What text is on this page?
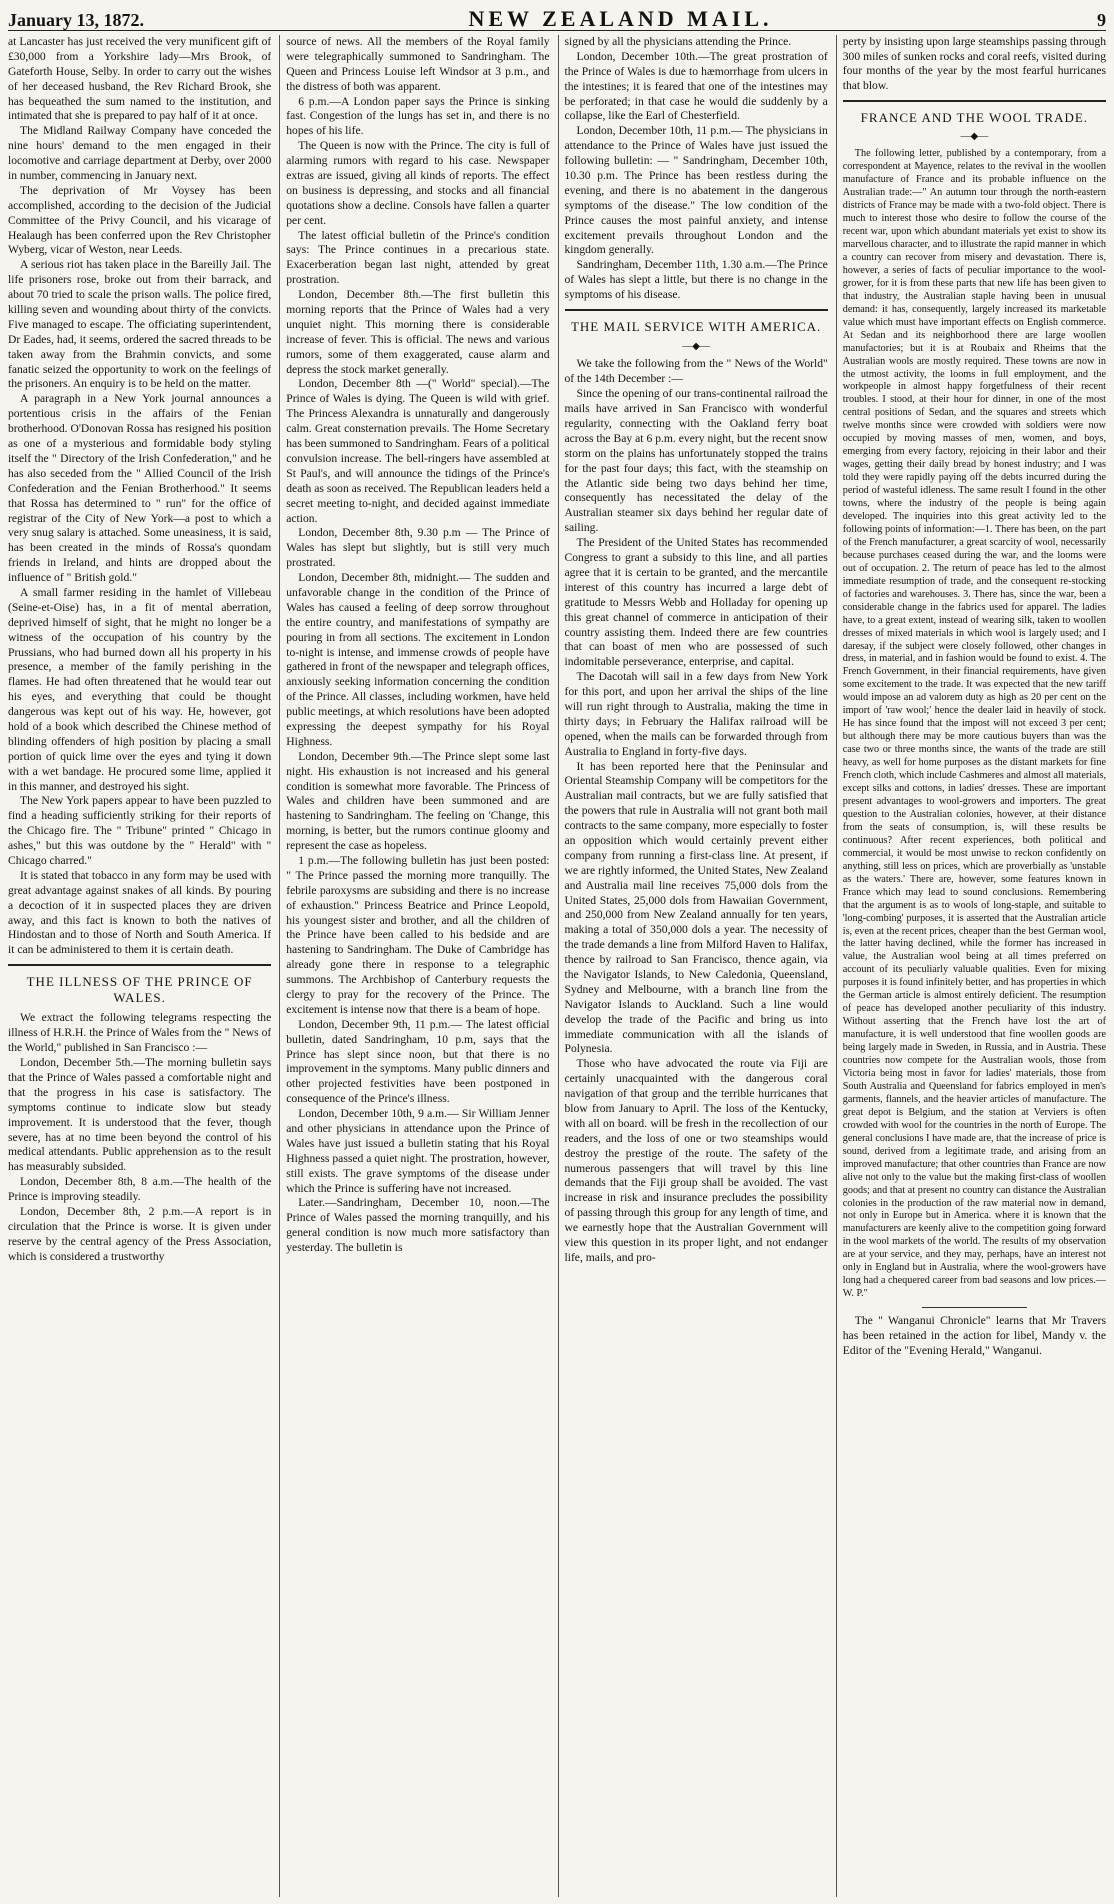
January 13, 1872.	NEW ZEALAND MAIL.	9

at Lancaster has just received the very munificent gift of £30,000 from a Yorkshire lady—Mrs Brook, of Gateforth House, Selby. In order to carry out the wishes of her deceased husband, the Rev Richard Brook, she has bequeathed the sum named to the institution, and intimated that she is prepared to pay half of it at once.

The Midland Railway Company have conceded the nine hours' demand to the men engaged in their locomotive and carriage department at Derby, over 2000 in number, commencing in January next.

The deprivation of Mr Voysey has been accomplished, according to the decision of the Judicial Committee of the Privy Council, and his vicarage of Healaugh has been conferred upon the Rev Christopher Wyberg, vicar of Weston, near Leeds.

A serious riot has taken place in the Bareilly Jail. The life prisoners rose, broke out from their barrack, and about 70 tried to scale the prison walls. The police fired, killing seven and wounding about thirty of the convicts. Five managed to escape. The officiating superintendent, Dr Eades, had, it seems, ordered the sacred threads to be taken away from the Brahmin convicts, and some fanatic seized the opportunity to work on the feelings of the prisoners. An enquiry is to be held on the matter.

A paragraph in a New York journal announces a portentious crisis in the affairs of the Fenian brotherhood. O'Donovan Rossa has resigned his position as one of a mysterious and formidable body styling itself the " Directory of the Irish Confederation," and he has also seceded from the " Allied Council of the Irish Confederation and the Fenian Brotherhood." It seems that Rossa has determined to " run" for the office of registrar of the City of New York—a post to which a very snug salary is attached. Some uneasiness, it is said, has been created in the minds of Rossa's quondam friends in Ireland, and hints are dropped about the influence of " British gold."

A small farmer residing in the hamlet of Villebeau (Seine-et-Oise) has, in a fit of mental aberration, deprived himself of sight, that he might no longer be a witness of the occupation of his country by the Prussians, who had burned down all his property in his presence, a member of the family perishing in the flames. He had often threatened that he would tear out his eyes, and everything that could be thought dangerous was kept out of his way. He, however, got hold of a book which described the Chinese method of blinding offenders of high position by placing a small portion of quick lime over the eyes and tying it down with a wet bandage. He procured some lime, applied it in this manner, and destroyed his sight.

The New York papers appear to have been puzzled to find a heading sufficiently striking for their reports of the Chicago fire. The " Tribune" printed " Chicago in ashes," but this was outdone by the " Herald" with " Chicago charred."

It is stated that tobacco in any form may be used with great advantage against snakes of all kinds. By pouring a decoction of it in suspected places they are driven away, and this fact is known to both the natives of Hindostan and to those of North and South America. If it can be administered to them it is certain death.

THE ILLNESS OF THE PRINCE OF WALES.

We extract the following telegrams respecting the illness of H.R.H. the Prince of Wales from the " News of the World," published in San Francisco :—

London, December 5th.—The morning bulletin says that the Prince of Wales passed a comfortable night and that the progress in his case is satisfactory. The symptoms continue to indicate slow but steady improvement. It is understood that the fever, though severe, has at no time been beyond the control of his medical attendants. Public apprehension as to the result has measurably subsided.

London, December 8th, 8 a.m.—The health of the Prince is improving steadily.

London, December 8th, 2 p.m.—A report is in circulation that the Prince is worse. It is given under reserve by the central agency of the Press Association, which is considered a trustworthy

source of news. All the members of the Royal family were telegraphically summoned to Sandringham. The Queen and Princess Louise left Windsor at 3 p.m., and the distress of both was apparent.

6 p.m.—A London paper says the Prince is sinking fast. Congestion of the lungs has set in, and there is no hopes of his life.

The Queen is now with the Prince. The city is full of alarming rumors with regard to his case. Newspaper extras are issued, giving all kinds of reports. The effect on business is depressing, and stocks and all financial quotations show a decline. Consols have fallen a quarter per cent.

The latest official bulletin of the Prince's condition says: The Prince continues in a precarious state. Exacerberation began last night, attended by great prostration.

London, December 8th.—The first bulletin this morning reports that the Prince of Wales had a very unquiet night. This morning there is considerable increase of fever. This is official. The news and various rumors, some of them exaggerated, cause alarm and depress the stock market generally.

London, December 8th —(" World" special).—The Prince of Wales is dying. The Queen is wild with grief. The Princess Alexandra is unnaturally and dangerously calm. Great consternation prevails. The Home Secretary has been summoned to Sandringham. Fears of a political convulsion increase. The bell-ringers have assembled at St Paul's, and will announce the tidings of the Prince's death as soon as received. The Republican leaders held a secret meeting to-night, and decided against immediate action.

London, December 8th, 9.30 p.m — The Prince of Wales has slept but slightly, but is still very much prostrated.

London, December 8th, midnight.— The sudden and unfavorable change in the condition of the Prince of Wales has caused a feeling of deep sorrow throughout the entire country, and manifestations of sympathy are pouring in from all sections. The excitement in London to-night is intense, and immense crowds of people have gathered in front of the newspaper and telegraph offices, anxiously seeking information concerning the condition of the Prince. All classes, including workmen, have held public meetings, at which resolutions have been adopted expressing the deepest sympathy for his Royal Highness.

London, December 9th.—The Prince slept some last night. His exhaustion is not increased and his general condition is somewhat more favorable. The Princess of Wales and children have been summoned and are hastening to Sandringham. The feeling on 'Change, this morning, is better, but the rumors continue gloomy and represent the case as hopeless.

1 p.m.—The following bulletin has just been posted: " The Prince passed the morning more tranquilly. The febrile paroxysms are subsiding and there is no increase of exhaustion." Princess Beatrice and Prince Leopold, his youngest sister and brother, and all the children of the Prince have been called to his bedside and are hastening to Sandringham. The Duke of Cambridge has already gone there in response to a telegraphic summons. The Archbishop of Canterbury requests the clergy to pray for the recovery of the Prince. The excitement is intense now that there is a beam of hope.

London, December 9th, 11 p.m.— The latest official bulletin, dated Sandringham, 10 p.m, says that the Prince has slept since noon, but that there is no improvement in the symptoms. Many public dinners and other projected festivities have been postponed in consequence of the Prince's illness.

London, December 10th, 9 a.m.— Sir William Jenner and other physicians in attendance upon the Prince of Wales have just issued a bulletin stating that his Royal Highness passed a quiet night. The prostration, however, still exists. The grave symptoms of the disease under which the Prince is suffering have not increased.

Later.—Sandringham, December 10, noon.—The Prince of Wales passed the morning tranquilly, and his general condition is now much more satisfactory than yesterday. The bulletin is

signed by all the physicians attending the Prince.

London, December 10th.—The great prostration of the Prince of Wales is due to hæmorrhage from ulcers in the intestines; it is feared that one of the intestines may be perforated; in that case he would die suddenly by a collapse, like the Earl of Chesterfield.

London, December 10th, 11 p.m.— The physicians in attendance to the Prince of Wales have just issued the following bulletin: — " Sandringham, December 10th, 10.30 p.m. The Prince has been restless during the evening, and there is no abatement in the dangerous symptoms of the disease." The low condition of the Prince causes the most painful anxiety, and intense excitement prevails throughout London and the kingdom generally.

Sandringham, December 11th, 1.30 a.m.—The Prince of Wales has slept a little, but there is no change in the symptoms of his disease.

THE MAIL SERVICE WITH AMERICA.
―◆―

We take the following from the " News of the World" of the 14th December :—

Since the opening of our trans-continental railroad the mails have arrived in San Francisco with wonderful regularity, connecting with the Oakland ferry boat across the Bay at 6 p.m. every night, but the recent snow storm on the plains has unfortunately stopped the trains for the past four days; this fact, with the steamship on the Atlantic side being two days behind her time, consequently has necessitated the delay of the Australian steamer six days behind her regular date of sailing.

The President of the United States has recommended Congress to grant a subsidy to this line, and all parties agree that it is certain to be granted, and the mercantile interest of this country has incurred a large debt of gratitude to Messrs Webb and Holladay for opening up this great channel of commerce in anticipation of their country assisting them. Indeed there are few countries that can boast of men who are possessed of such indomitable perseverance, enterprise, and capital.

The Dacotah will sail in a few days from New York for this port, and upon her arrival the ships of the line will run right through to Australia, making the time in thirty days; in February the Halifax railroad will be opened, when the mails can be forwarded through from Australia to England in forty-five days.

It has been reported here that the Peninsular and Oriental Steamship Company will be competitors for the Australian mail contracts, but we are fully satisfied that the powers that rule in Australia will not grant both mail contracts to the same company, more especially to foster an opposition which would certainly prevent either company from running a first-class line. At present, if we are rightly informed, the United States, New Zealand and Australia mail line receives 75,000 dols from the United States, 25,000 dols from Hawaiian Government, and 250,000 from New Zealand annually for ten years, making a total of 350,000 dols a year. The necessity of the trade demands a line from Milford Haven to Halifax, thence by railroad to San Francisco, thence again, via the Navigator Islands, to New Caledonia, Queensland, Sydney and Melbourne, with a branch line from the Navigator Islands to Auckland. Such a line would develop the trade of the Pacific and bring us into immediate communication with all the islands of Polynesia.

Those who have advocated the route via Fiji are certainly unacquainted with the dangerous coral navigation of that group and the terrible hurricanes that blow from January to April. The loss of the Kentucky, with all on board. will be fresh in the recollection of our readers, and the loss of one or two steamships would destroy the prestige of the route. The safety of the numerous passengers that will travel by this line demands that the Fiji group shall be avoided. The vast increase in risk and insurance precludes the possibility of passing through this group for any length of time, and we earnestly hope that the Australian Government will view this question in its proper light, and not endanger life, mails, and pro-

perty by insisting upon large steamships passing through 300 miles of sunken rocks and coral reefs, visited during four months of the year by the most fearful hurricanes that blow.

FRANCE AND THE WOOL TRADE.
―◆―

The following letter, published by a contemporary, from a correspondent at Mayence, relates to the revival in the woollen manufacture of France and its probable influence on the Australian trade:—" An autumn tour through the north-eastern districts of France may be made with a two-fold object. There is much to interest those who desire to follow the course of the recent war, upon which abundant materials yet exist to show its marvellous character, and to illustrate the rapid manner in which a country can recover from misery and devastation. There is, however, a series of facts of peculiar importance to the wool-grower, for it is from these parts that new life has been given to that industry, the Australian staple having been in unusual demand: it has, consequently, largely increased its marketable value which must have important effects on English commerce. At Sedan and its neighborhood there are large woollen manufactories; but it is at Roubaix and Rheims that the Australian wools are mostly required. These towns are now in the utmost activity, the looms in full employment, and the workpeople in almost happy forgetfulness of their recent troubles. I stood, at their hour for dinner, in one of the most central positions of Sedan, and the squares and streets which twelve months since were crowded with soldiers were now occupied by moving masses of men, women, and boys, emerging from every factory, rejoicing in their labor and their wages, getting their daily bread by honest industry; and I was told they were rapidly paying off the debts incurred during the period of wasteful idleness. The same result I found in the other towns, where the industry of the people is being again developed. The inquiries into this great activity led to the following points of information:—1. There has been, on the part of the French manufacturer, a great scarcity of wool, necessarily because purchases ceased during the war, and the looms were out of occupation. 2. The return of peace has led to the almost immediate resumption of trade, and the consequent re-stocking of factories and warehouses. 3. There has, since the war, been a considerable change in the fabrics used for apparel. The ladies have, to a great extent, instead of wearing silk, taken to woollen dresses of mixed materials in which wool is largely used; and I daresay, if the subject were closely followed, other changes in dress, in material, and in fashion would be found to exist. 4. The French Government, in their financial requirements, have given some excitement to the trade. It was expected that the new tariff would impose an ad valorem duty as high as 20 per cent on the import of 'raw wool;' hence the dealer laid in heavily of stock. He has since found that the impost will not exceed 3 per cent; but although there may be more cautious buyers than was the case two or three months since, the wants of the trade are still heavy, as well for home purposes as the distant markets for fine French cloth, which include Cashmeres and almost all materials, except silks and cottons, in ladies' dresses. These are important present advantages to wool-growers and importers. The great question to the Australian colonies, however, at their distance from the seats of consumption, is, will these results be continuous? After recent experiences, both political and commercial, it would be most unwise to reckon confidently on anything, still less on prices, which are proverbially as 'unstable as the waters.' There are, however, some features known in France which may lead to sound conclusions. Remembering that the argument is as to wools of long-staple, and suitable to 'long-combing' purposes, it is asserted that the Australian article is, even at the recent prices, cheaper than the best German wool, the latter having declined, while the former has increased in value, the Australian wool being at all times preferred on account of its peculiarly valuable qualities. Even for mixing purposes it is found infinitely better, and has properties in which the German article is almost entirely deficient. The resumption of peace has developed another peculiarity of this industry. Without asserting that the French have lost the art of manufacture, it is well understood that fine woollen goods are being largely made in Sweden, in Russia, and in Austria. These countries now compete for the Australian wools, those from Victoria being most in favor for ladies' materials, those from South Australia and Queensland for fabrics employed in men's garments, flannels, and the heavier articles of manufacture. The great depot is Belgium, and the station at Verviers is often crowded with wool for the countries in the north of Europe. The general conclusions I have made are, that the increase of price is sound, derived from a legitimate trade, and arising from an improved manufacture; that other countries than France are now alive not only to the value but the making first-class of woollen goods; and that at present no country can distance the Australian colonies in the production of the raw material now in demand, not only in Europe but in America. where it is known that the manufacturers are keenly alive to the competition going forward in the wool markets of the world. The results of my observation are at your service, and they may, perhaps, have an interest not only in England but in Australia, where the wool-growers have long had a chequered career from bad seasons and low prices.—W. P."

The " Wanganui Chronicle" learns that Mr Travers has been retained in the action for libel, Mandy v. the Editor of the "Evening Herald," Wanganui.
